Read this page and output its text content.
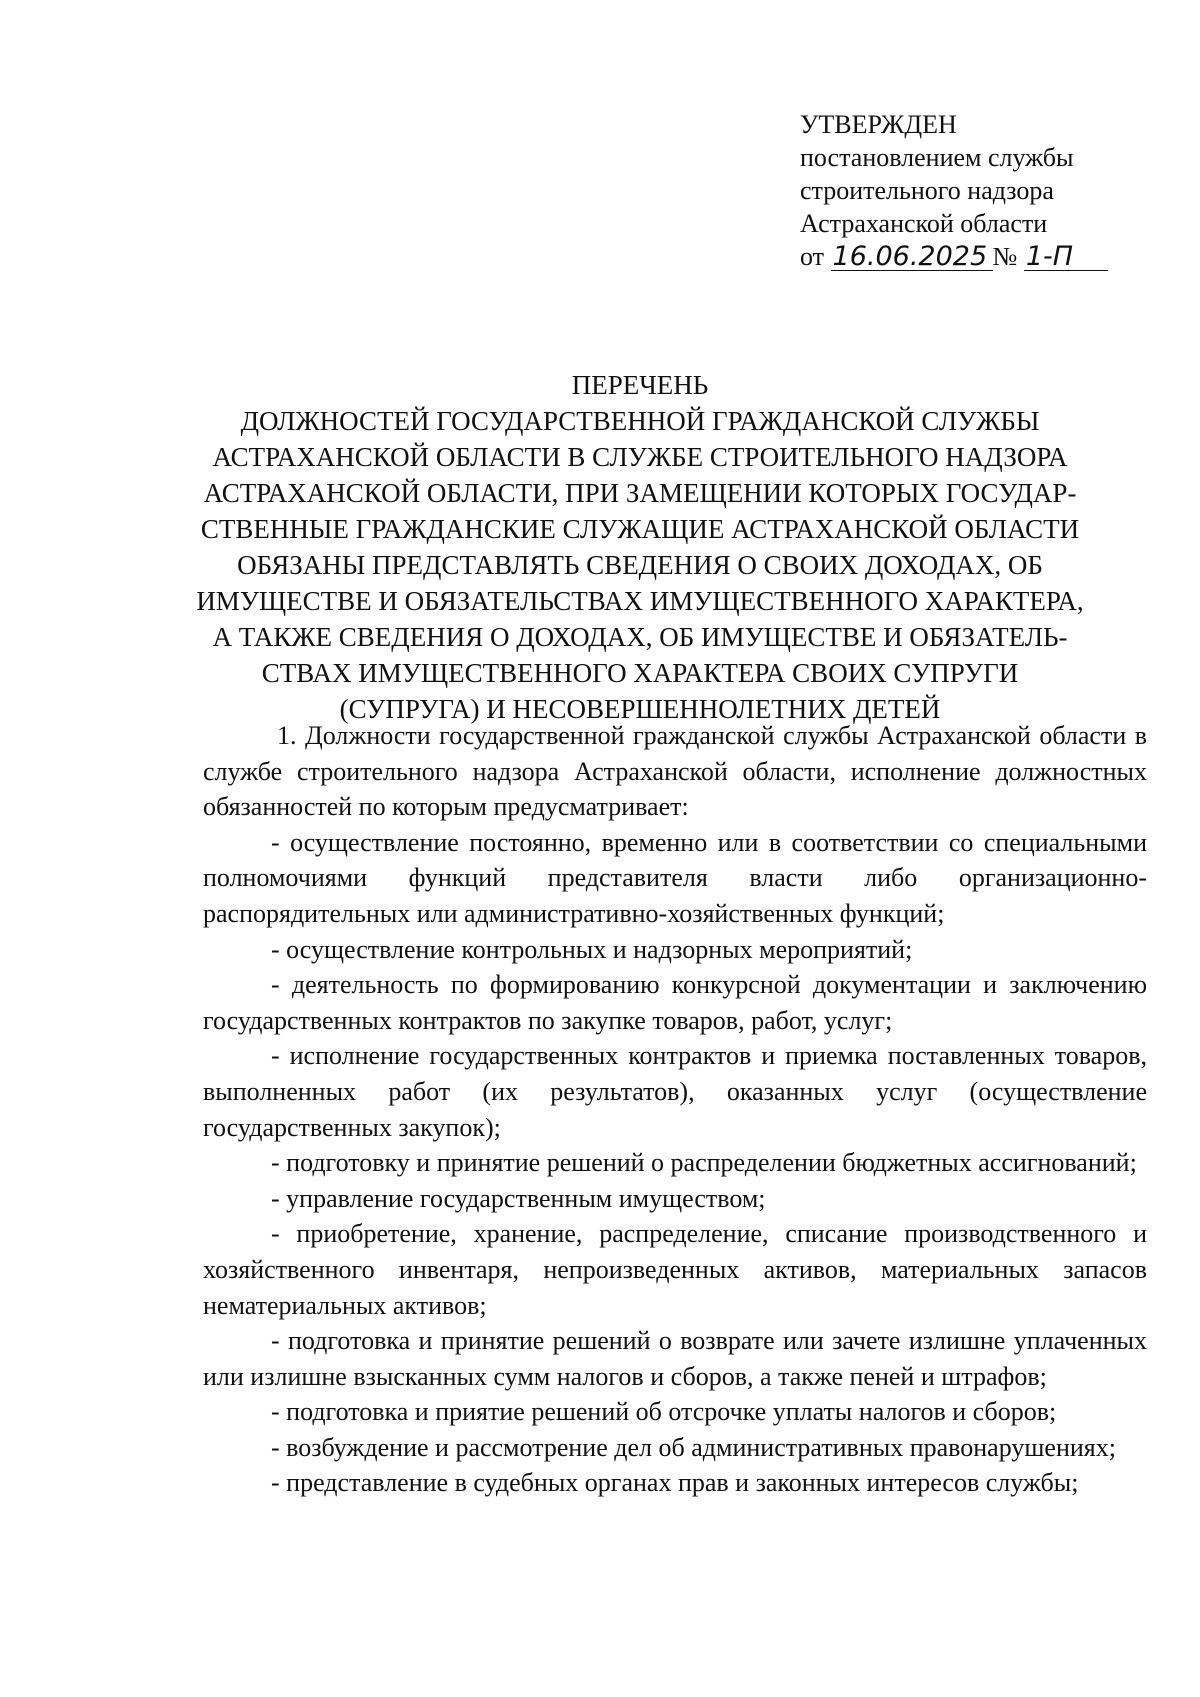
УТВЕРЖДЕН
постановлением службы
строительного надзора
Астраханской области
от 16.06.2025 № 1-П
ПЕРЕЧЕНЬ
ДОЛЖНОСТЕЙ ГОСУДАРСТВЕННОЙ ГРАЖДАНСКОЙ СЛУЖБЫ
АСТРАХАНСКОЙ ОБЛАСТИ В СЛУЖБЕ СТРОИТЕЛЬНОГО НАДЗОРА
АСТРАХАНСКОЙ ОБЛАСТИ, ПРИ ЗАМЕЩЕНИИ КОТОРЫХ ГОСУДАР-
СТВЕННЫЕ ГРАЖДАНСКИЕ СЛУЖАЩИЕ АСТРАХАНСКОЙ ОБЛАСТИ
ОБЯЗАНЫ ПРЕДСТАВЛЯТЬ СВЕДЕНИЯ О СВОИХ ДОХОДАХ, ОБ
ИМУЩЕСТВЕ И ОБЯЗАТЕЛЬСТВАХ ИМУЩЕСТВЕННОГО ХАРАКТЕРА,
А ТАКЖЕ СВЕДЕНИЯ О ДОХОДАХ, ОБ ИМУЩЕСТВЕ И ОБЯЗАТЕЛЬ-
СТВАХ ИМУЩЕСТВЕННОГО ХАРАКТЕРА СВОИХ СУПРУГИ
(СУПРУГА) И НЕСОВЕРШЕННОЛЕТНИХ ДЕТЕЙ

1. Должности государственной гражданской службы Астраханской области в службе строительного надзора Астраханской области, исполнение должностных обязанностей по которым предусматривает:

- осуществление постоянно, временно или в соответствии со специальными полномочиями функций представителя власти либо организационно-распорядительных или административно-хозяйственных функций;

- осуществление контрольных и надзорных мероприятий;

- деятельность по формированию конкурсной документации и заключению государственных контрактов по закупке товаров, работ, услуг;

- исполнение государственных контрактов и приемка поставленных товаров, выполненных работ (их результатов), оказанных услуг (осуществление государственных закупок);

- подготовку и принятие решений о распределении бюджетных ассигнований;

- управление государственным имуществом;

- приобретение, хранение, распределение, списание производственного и хозяйственного инвентаря, непроизведенных активов, материальных запасов нематериальных активов;

- подготовка и принятие решений о возврате или зачете излишне уплаченных или излишне взысканных сумм налогов и сборов, а также пеней и штрафов;

- подготовка и приятие решений об отсрочке уплаты налогов и сборов;

- возбуждение и рассмотрение дел об административных правонарушениях;

- представление в судебных органах прав и законных интересов службы;
